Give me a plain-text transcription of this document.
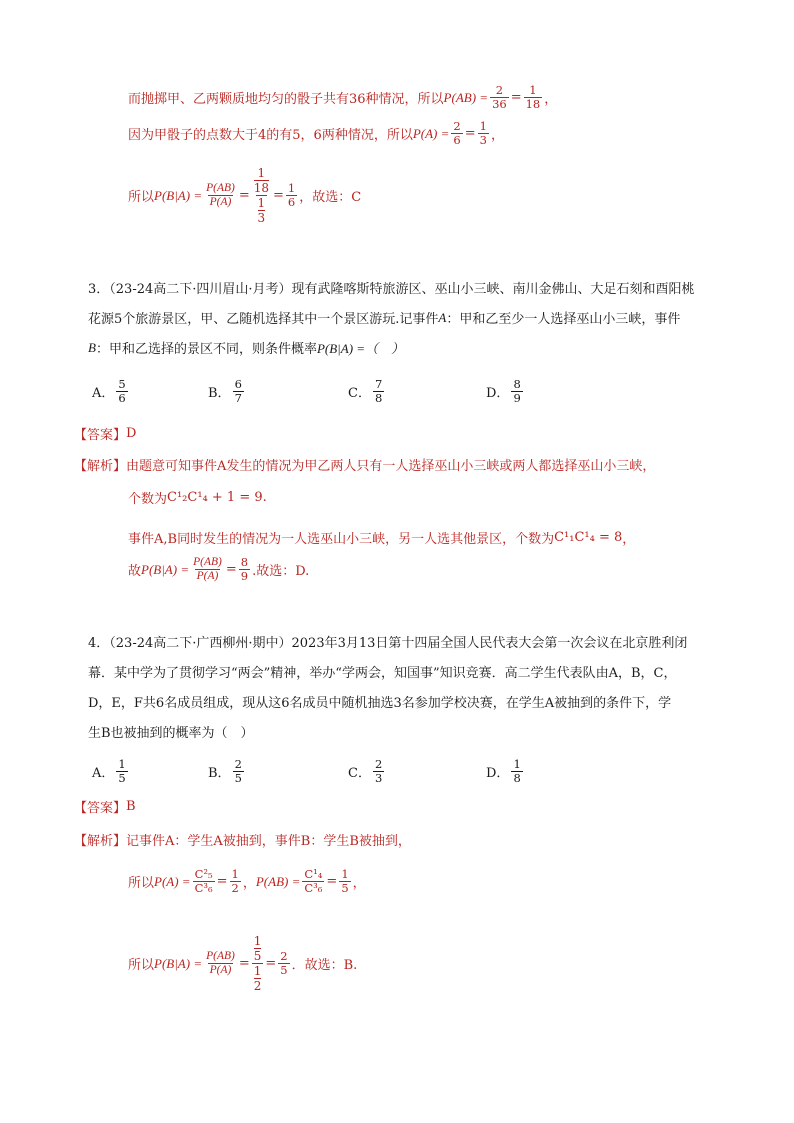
而抛掷甲、乙两颗质地均匀的骰子共有36种情况，所以 $P(AB) = \frac{2}{36} = \frac{1}{18}$ ，
因为甲骰子的点数大于4的有5，6两种情况，所以 $P(A) = \frac{2}{6} = \frac{1}{3}$ ，
所以 $P(B|A) = \frac{P(AB)}{P(A)} = 1$
18
1
$3 = \frac{1}{6}$ ，故选：C
3．（23-24高二下·四川眉山·月考）现有武隆喀斯特旅游区、巫山小三峡、南川金佛山、大足石刻和酉阳桃
花源5个旅游景区，甲、乙随机选择其中一个景区游玩.记事件 A ：甲和乙至少一人选择巫山小三峡，事件
B ：甲和乙选择的景区不同，则条件概率 P(B|A) =（　）
A． $\frac{5}{6}$	B． $\frac{6}{7}$	C． $\frac{7}{8}$	D． $\frac{8}{9}$
【答案】 D
【解析】 由题意可知事件A发生的情况为甲乙两人只有一人选择巫山小三峡或两人都选择巫山小三峡，
个数为 C¹₂C¹₄ + 1 = 9 .
事件A,B同时发生的情况为一人选巫山小三峡，另一人选其他景区，个数为 C¹₁C¹₄ = 8 ，
故 $P(B|A) = \frac{P(AB)}{P(A)} = \frac{8}{9}$ .故选：D.
4．（23-24高二下·广西柳州·期中）2023年3月13日第十四届全国人民代表大会第一次会议在北京胜利闭
幕．某中学为了贯彻学习“两会”精神，举办“学两会，知国事”知识竞赛．高二学生代表队由A，B，C，
D，E，F共6名成员组成，现从这6名成员中随机抽选3名参加学校决赛，在学生A被抽到的条件下，学
生B也被抽到的概率为（　）
A． $\frac{1}{5}$	B． $\frac{2}{5}$	C． $\frac{2}{3}$	D． $\frac{1}{8}$
【答案】 B
【解析】 记事件A：学生A被抽到，事件B：学生B被抽到，
所以 $P(A) = \frac{\text{C²₅}}{\text{C³₆}} = \frac{1}{2}$ ， $P(AB) = \frac{\text{C¹₄}}{\text{C³₆}} = \frac{1}{5}$ ，
所以 $P(B|A) = \frac{P(AB)}{P(A)} = 1$
5
1
$2 = \frac{2}{5}$ ．故选：B.
